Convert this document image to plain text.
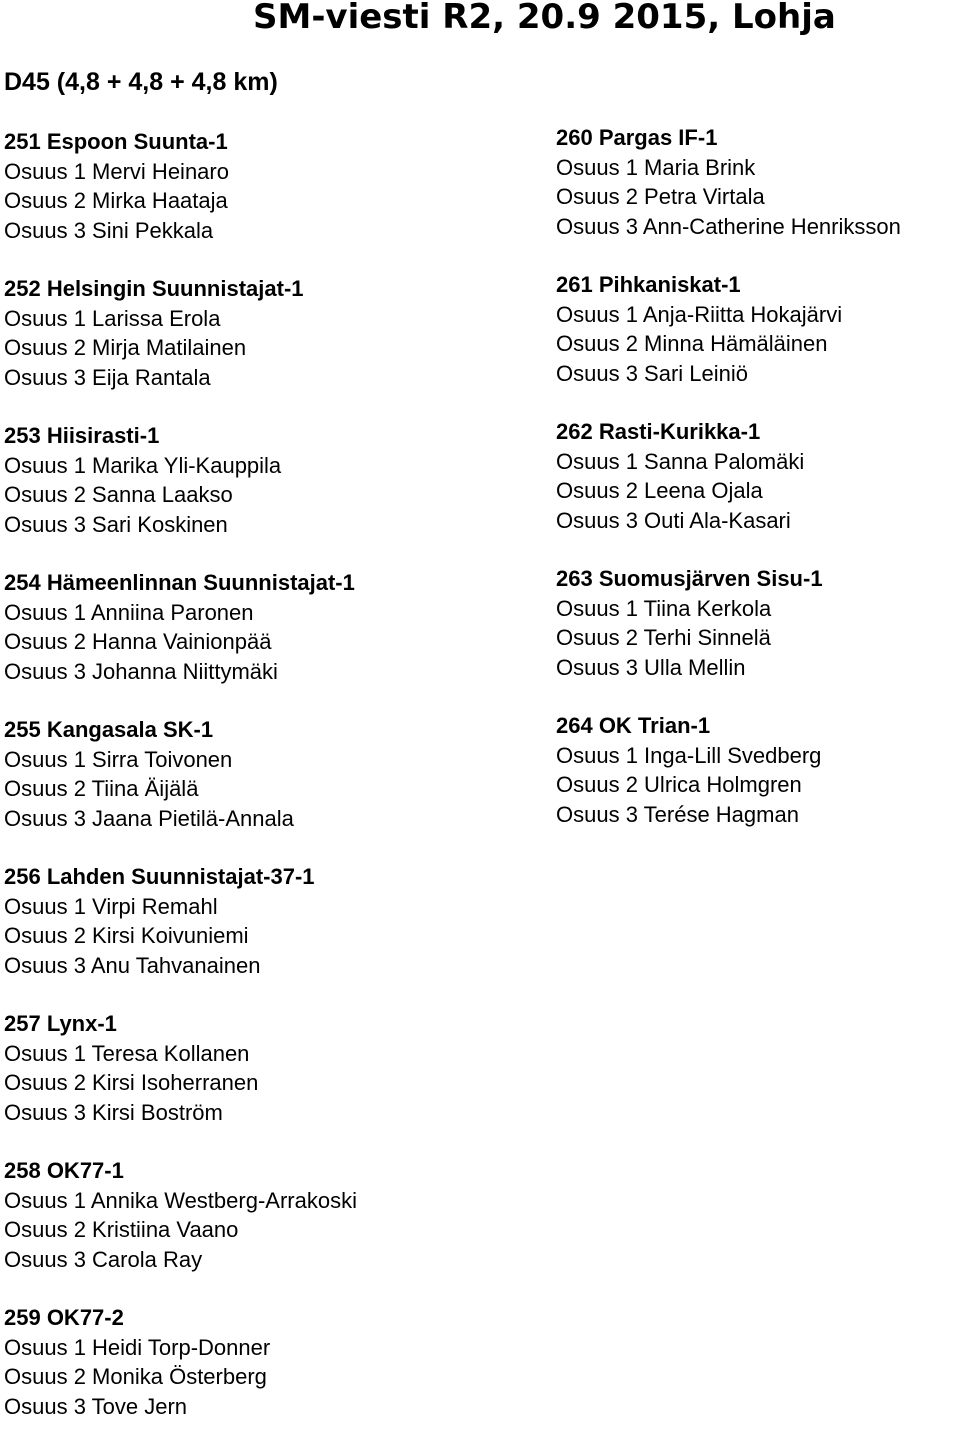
SM-viesti R2, 20.9 2015, Lohja
D45 (4,8 + 4,8 + 4,8 km)
251 Espoon Suunta-1
Osuus 1 Mervi Heinaro
Osuus 2 Mirka Haataja
Osuus 3 Sini Pekkala
252 Helsingin Suunnistajat-1
Osuus 1 Larissa Erola
Osuus 2 Mirja Matilainen
Osuus 3 Eija Rantala
253 Hiisirasti-1
Osuus 1 Marika Yli-Kauppila
Osuus 2 Sanna Laakso
Osuus 3 Sari Koskinen
254 Hämeenlinnan Suunnistajat-1
Osuus 1 Anniina Paronen
Osuus 2 Hanna Vainionpää
Osuus 3 Johanna Niittymäki
255 Kangasala SK-1
Osuus 1 Sirra Toivonen
Osuus 2 Tiina Äijälä
Osuus 3 Jaana Pietilä-Annala
256 Lahden Suunnistajat-37-1
Osuus 1 Virpi Remahl
Osuus 2 Kirsi Koivuniemi
Osuus 3 Anu Tahvanainen
257 Lynx-1
Osuus 1 Teresa Kollanen
Osuus 2 Kirsi Isoherranen
Osuus 3 Kirsi Boström
258 OK77-1
Osuus 1 Annika Westberg-Arrakoski
Osuus 2 Kristiina Vaano
Osuus 3 Carola Ray
259 OK77-2
Osuus 1 Heidi Torp-Donner
Osuus 2 Monika Österberg
Osuus 3 Tove Jern
260 Pargas IF-1
Osuus 1 Maria Brink
Osuus 2 Petra Virtala
Osuus 3 Ann-Catherine Henriksson
261 Pihkaniskat-1
Osuus 1 Anja-Riitta Hokajärvi
Osuus 2 Minna Hämäläinen
Osuus 3 Sari Leiniö
262 Rasti-Kurikka-1
Osuus 1 Sanna Palomäki
Osuus 2 Leena Ojala
Osuus 3 Outi Ala-Kasari
263 Suomusjärven Sisu-1
Osuus 1 Tiina Kerkola
Osuus 2 Terhi Sinnelä
Osuus 3 Ulla Mellin
264 OK Trian-1
Osuus 1 Inga-Lill Svedberg
Osuus 2 Ulrica Holmgren
Osuus 3 Terése Hagman
